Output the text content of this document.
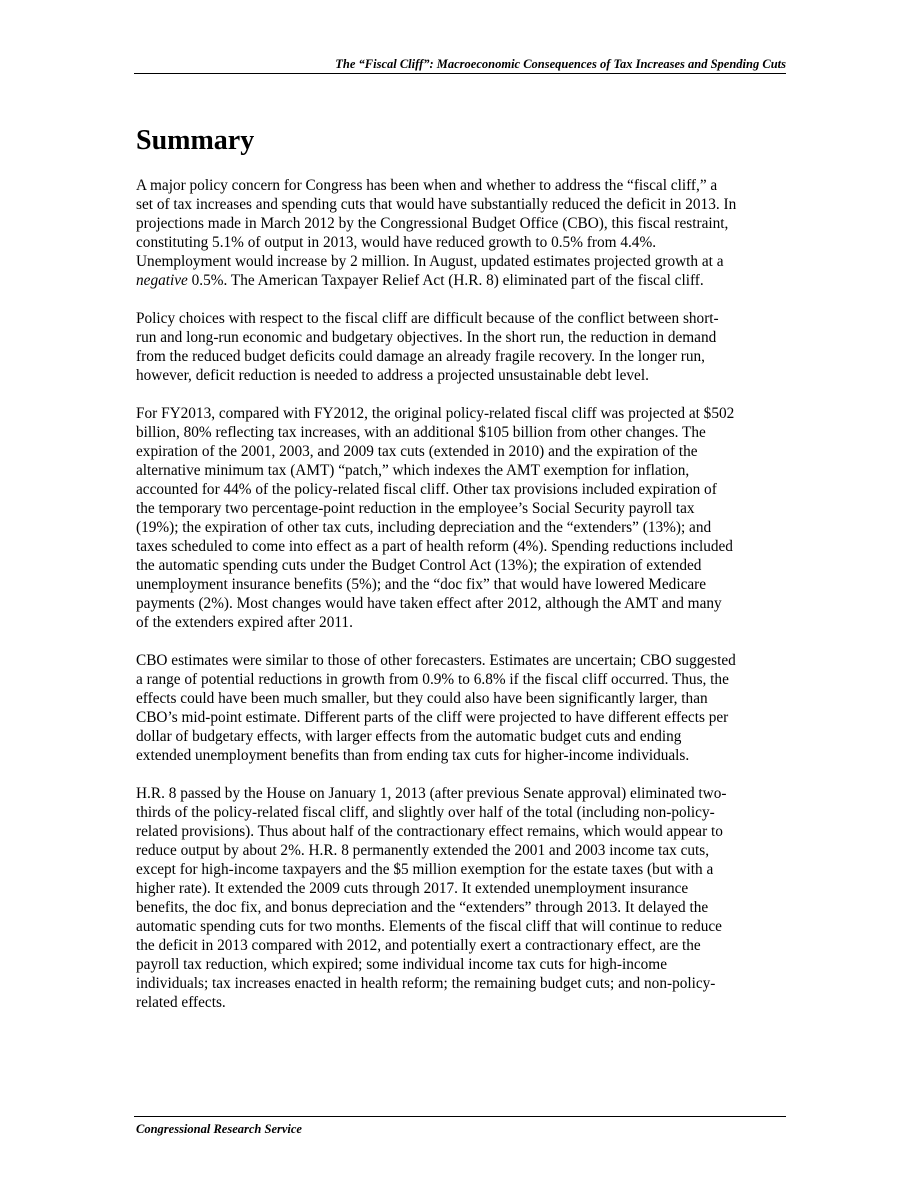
The “Fiscal Cliff”: Macroeconomic Consequences of Tax Increases and Spending Cuts
Summary

A major policy concern for Congress has been when and whether to address the “fiscal cliff,” a
set of tax increases and spending cuts that would have substantially reduced the deficit in 2013. In
projections made in March 2012 by the Congressional Budget Office (CBO), this fiscal restraint,
constituting 5.1% of output in 2013, would have reduced growth to 0.5% from 4.4%.
Unemployment would increase by 2 million. In August, updated estimates projected growth at a
negative 0.5%. The American Taxpayer Relief Act (H.R. 8) eliminated part of the fiscal cliff.

Policy choices with respect to the fiscal cliff are difficult because of the conflict between short-
run and long-run economic and budgetary objectives. In the short run, the reduction in demand
from the reduced budget deficits could damage an already fragile recovery. In the longer run,
however, deficit reduction is needed to address a projected unsustainable debt level.

For FY2013, compared with FY2012, the original policy-related fiscal cliff was projected at $502
billion, 80% reflecting tax increases, with an additional $105 billion from other changes. The
expiration of the 2001, 2003, and 2009 tax cuts (extended in 2010) and the expiration of the
alternative minimum tax (AMT) “patch,” which indexes the AMT exemption for inflation,
accounted for 44% of the policy-related fiscal cliff. Other tax provisions included expiration of
the temporary two percentage-point reduction in the employee’s Social Security payroll tax
(19%); the expiration of other tax cuts, including depreciation and the “extenders” (13%); and
taxes scheduled to come into effect as a part of health reform (4%). Spending reductions included
the automatic spending cuts under the Budget Control Act (13%); the expiration of extended
unemployment insurance benefits (5%); and the “doc fix” that would have lowered Medicare
payments (2%). Most changes would have taken effect after 2012, although the AMT and many
of the extenders expired after 2011.

CBO estimates were similar to those of other forecasters. Estimates are uncertain; CBO suggested
a range of potential reductions in growth from 0.9% to 6.8% if the fiscal cliff occurred. Thus, the
effects could have been much smaller, but they could also have been significantly larger, than
CBO’s mid-point estimate. Different parts of the cliff were projected to have different effects per
dollar of budgetary effects, with larger effects from the automatic budget cuts and ending
extended unemployment benefits than from ending tax cuts for higher-income individuals.

H.R. 8 passed by the House on January 1, 2013 (after previous Senate approval) eliminated two-
thirds of the policy-related fiscal cliff, and slightly over half of the total (including non-policy-
related provisions). Thus about half of the contractionary effect remains, which would appear to
reduce output by about 2%. H.R. 8 permanently extended the 2001 and 2003 income tax cuts,
except for high-income taxpayers and the $5 million exemption for the estate taxes (but with a
higher rate). It extended the 2009 cuts through 2017. It extended unemployment insurance
benefits, the doc fix, and bonus depreciation and the “extenders” through 2013. It delayed the
automatic spending cuts for two months. Elements of the fiscal cliff that will continue to reduce
the deficit in 2013 compared with 2012, and potentially exert a contractionary effect, are the
payroll tax reduction, which expired; some individual income tax cuts for high-income
individuals; tax increases enacted in health reform; the remaining budget cuts; and non-policy-
related effects.

Congressional Research Service
